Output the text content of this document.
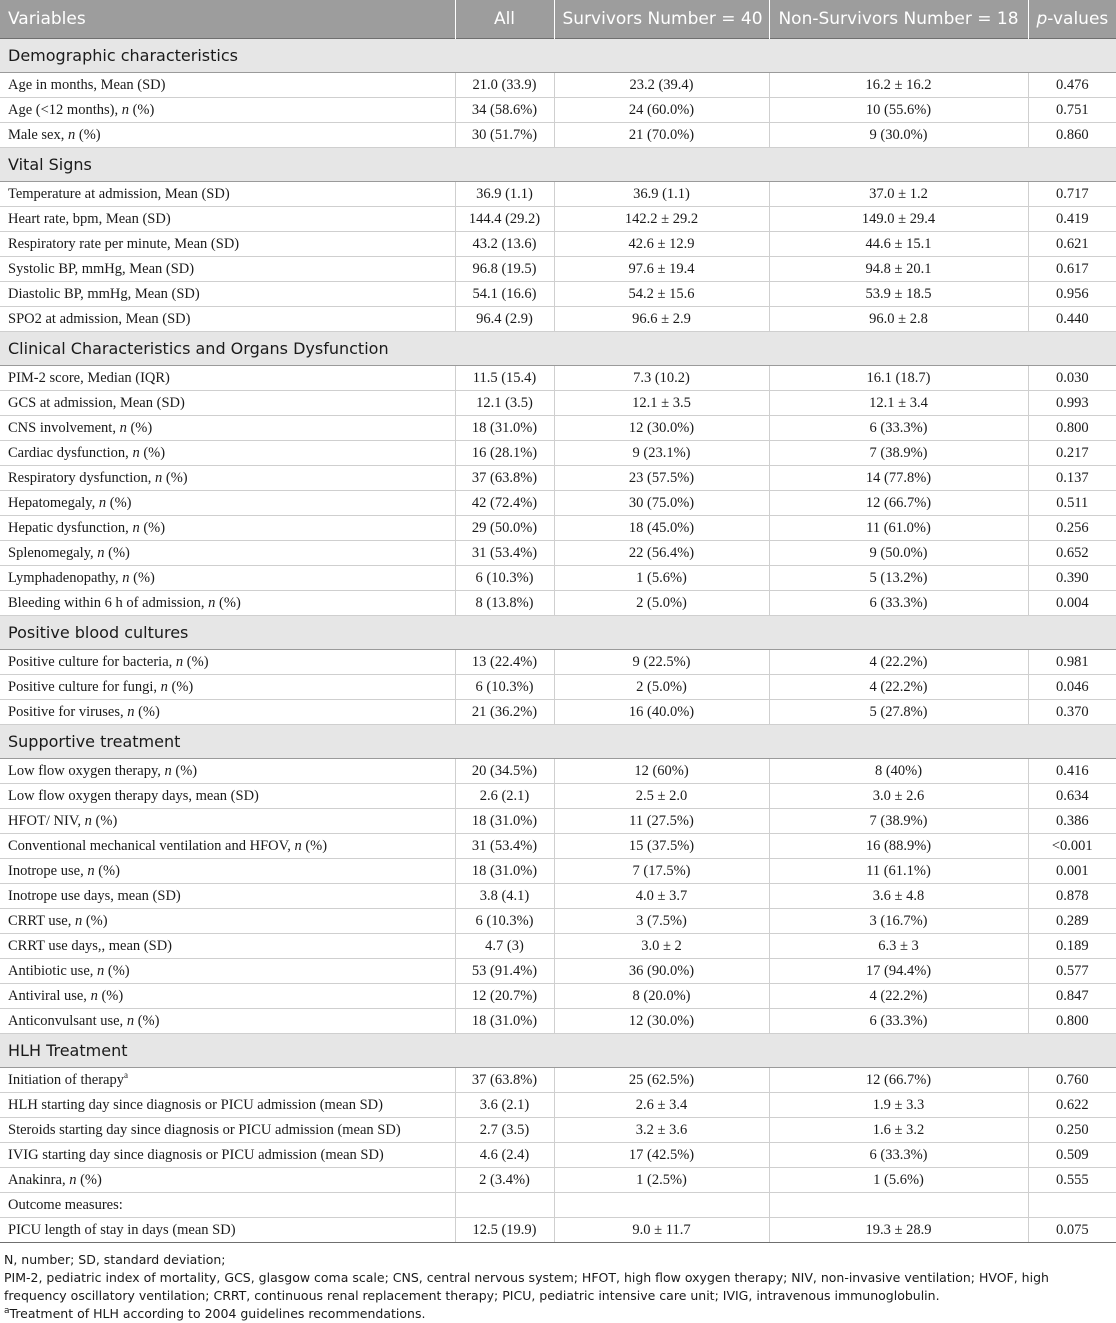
Variables	All	Survivors Number = 40	Non-Survivors Number = 18	p-values
Demographic characteristics				
Age in months, Mean (SD)	21.0 (33.9)	23.2 (39.4)	16.2 ± 16.2	0.476
Age (<12 months), n (%)	34 (58.6%)	24 (60.0%)	10 (55.6%)	0.751
Male sex, n (%)	30 (51.7%)	21 (70.0%)	9 (30.0%)	0.860
Vital Signs				
Temperature at admission, Mean (SD)	36.9 (1.1)	36.9 (1.1)	37.0 ± 1.2	0.717
Heart rate, bpm, Mean (SD)	144.4 (29.2)	142.2 ± 29.2	149.0 ± 29.4	0.419
Respiratory rate per minute, Mean (SD)	43.2 (13.6)	42.6 ± 12.9	44.6 ± 15.1	0.621
Systolic BP, mmHg, Mean (SD)	96.8 (19.5)	97.6 ± 19.4	94.8 ± 20.1	0.617
Diastolic BP, mmHg, Mean (SD)	54.1 (16.6)	54.2 ± 15.6	53.9 ± 18.5	0.956
SPO2 at admission, Mean (SD)	96.4 (2.9)	96.6 ± 2.9	96.0 ± 2.8	0.440
Clinical Characteristics and Organs Dysfunction				
PIM-2 score, Median (IQR)	11.5 (15.4)	7.3 (10.2)	16.1 (18.7)	0.030
GCS at admission, Mean (SD)	12.1 (3.5)	12.1 ± 3.5	12.1 ± 3.4	0.993
CNS involvement, n (%)	18 (31.0%)	12 (30.0%)	6 (33.3%)	0.800
Cardiac dysfunction, n (%)	16 (28.1%)	9 (23.1%)	7 (38.9%)	0.217
Respiratory dysfunction, n (%)	37 (63.8%)	23 (57.5%)	14 (77.8%)	0.137
Hepatomegaly, n (%)	42 (72.4%)	30 (75.0%)	12 (66.7%)	0.511
Hepatic dysfunction, n (%)	29 (50.0%)	18 (45.0%)	11 (61.0%)	0.256
Splenomegaly, n (%)	31 (53.4%)	22 (56.4%)	9 (50.0%)	0.652
Lymphadenopathy, n (%)	6 (10.3%)	1 (5.6%)	5 (13.2%)	0.390
Bleeding within 6 h of admission, n (%)	8 (13.8%)	2 (5.0%)	6 (33.3%)	0.004
Positive blood cultures				
Positive culture for bacteria, n (%)	13 (22.4%)	9 (22.5%)	4 (22.2%)	0.981
Positive culture for fungi, n (%)	6 (10.3%)	2 (5.0%)	4 (22.2%)	0.046
Positive for viruses, n (%)	21 (36.2%)	16 (40.0%)	5 (27.8%)	0.370
Supportive treatment				
Low flow oxygen therapy, n (%)	20 (34.5%)	12 (60%)	8 (40%)	0.416
Low flow oxygen therapy days, mean (SD)	2.6 (2.1)	2.5 ± 2.0	3.0 ± 2.6	0.634
HFOT/ NIV, n (%)	18 (31.0%)	11 (27.5%)	7 (38.9%)	0.386
Conventional mechanical ventilation and HFOV, n (%)	31 (53.4%)	15 (37.5%)	16 (88.9%)	<0.001
Inotrope use, n (%)	18 (31.0%)	7 (17.5%)	11 (61.1%)	0.001
Inotrope use days, mean (SD)	3.8 (4.1)	4.0 ± 3.7	3.6 ± 4.8	0.878
CRRT use, n (%)	6 (10.3%)	3 (7.5%)	3 (16.7%)	0.289
CRRT use days,, mean (SD)	4.7 (3)	3.0 ± 2	6.3 ± 3	0.189
Antibiotic use, n (%)	53 (91.4%)	36 (90.0%)	17 (94.4%)	0.577
Antiviral use, n (%)	12 (20.7%)	8 (20.0%)	4 (22.2%)	0.847
Anticonvulsant use, n (%)	18 (31.0%)	12 (30.0%)	6 (33.3%)	0.800
HLH Treatment				
Initiation of therapy$^a$	37 (63.8%)	25 (62.5%)	12 (66.7%)	0.760
HLH starting day since diagnosis or PICU admission (mean SD)	3.6 (2.1)	2.6 ± 3.4	1.9 ± 3.3	0.622
Steroids starting day since diagnosis or PICU admission (mean SD)	2.7 (3.5)	3.2 ± 3.6	1.6 ± 3.2	0.250
IVIG starting day since diagnosis or PICU admission (mean SD)	4.6 (2.4)	17 (42.5%)	6 (33.3%)	0.509
Anakinra, n (%)	2 (3.4%)	1 (2.5%)	1 (5.6%)	0.555
Outcome measures:				
PICU length of stay in days (mean SD)	12.5 (19.9)	9.0 ± 11.7	19.3 ± 28.9	0.075

N, number; SD, standard deviation;

PIM-2, pediatric index of mortality, GCS, glasgow coma scale; CNS, central nervous system; HFOT, high flow oxygen therapy; NIV, non-invasive ventilation; HVOF, high frequency oscillatory ventilation; CRRT, continuous renal replacement therapy; PICU, pediatric intensive care unit; IVIG, intravenous immunoglobulin.

$^a$Treatment of HLH according to 2004 guidelines recommendations.
